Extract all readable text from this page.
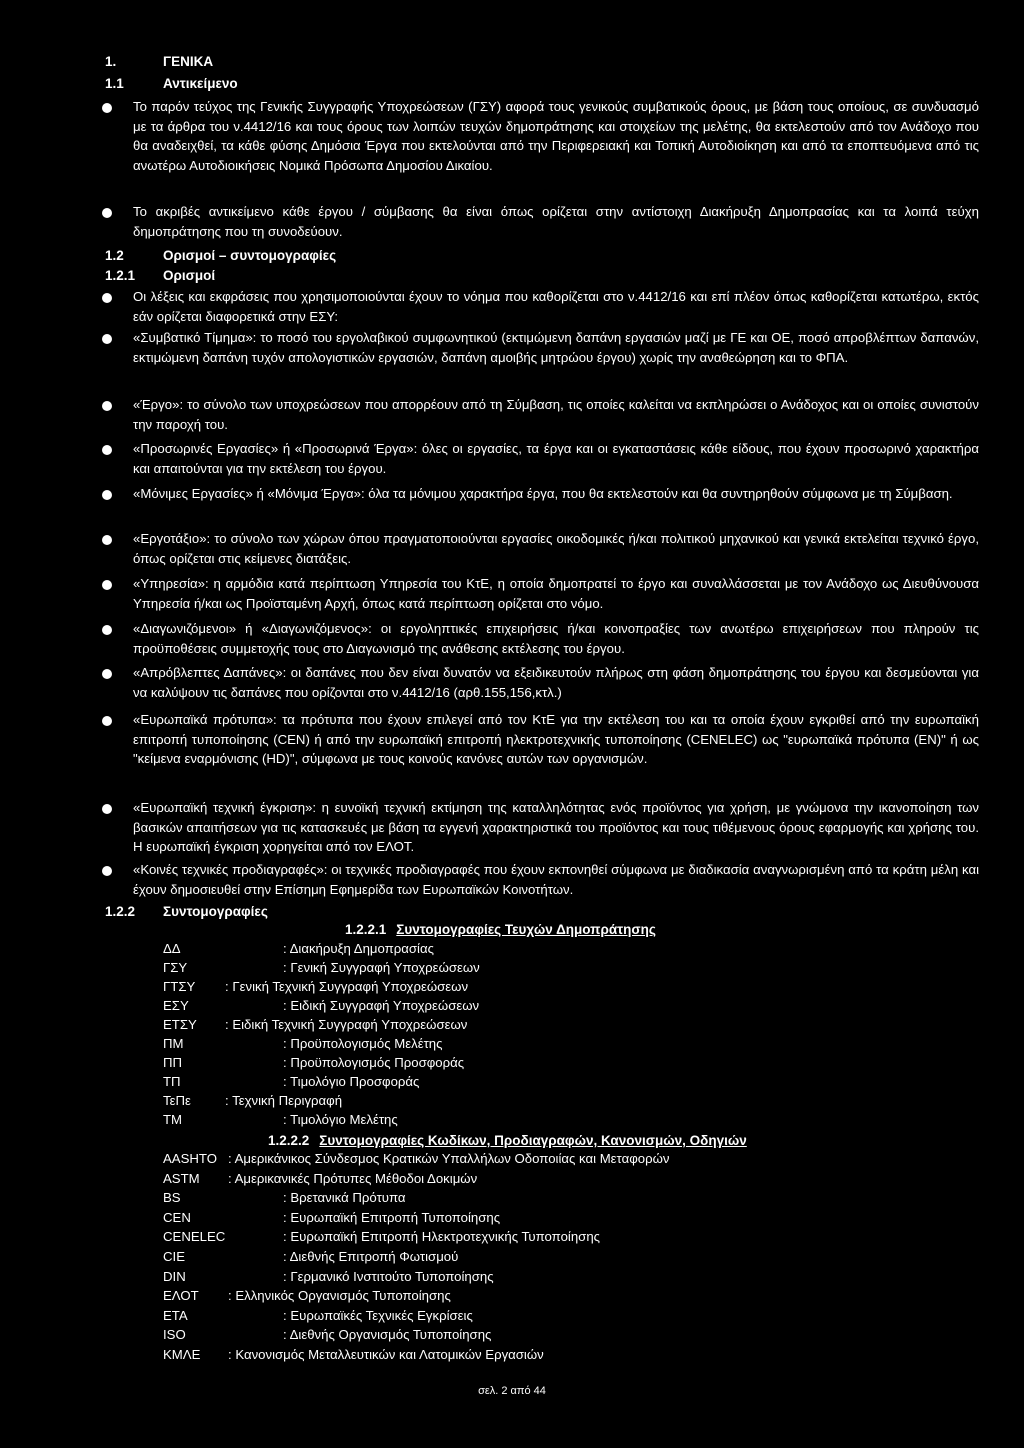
1.	ΓΕΝΙΚΑ
1.1	Αντικείμενο
Το παρόν τεύχος της Γενικής Συγγραφής Υποχρεώσεων (ΓΣΥ) αφορά τους γενικούς συμβατικούς όρους, με βάση τους οποίους, σε συνδυασμό με τα άρθρα του ν.4412/16 και τους όρους των λοιπών τευχών δημοπράτησης και στοιχείων της μελέτης, θα εκτελεστούν από τον Ανάδοχο που θα αναδειχθεί, τα κάθε φύσης Δημόσια Έργα που εκτελούνται από την Περιφερειακή και Τοπική Αυτοδιοίκηση και από τα εποπτευόμενα από τις ανωτέρω Αυτοδιοικήσεις Νομικά Πρόσωπα Δημοσίου Δικαίου.
Το ακριβές αντικείμενο κάθε έργου / σύμβασης θα είναι όπως ορίζεται στην αντίστοιχη Διακήρυξη Δημοπρασίας και τα λοιπά τεύχη δημοπράτησης που τη συνοδεύουν.
1.2	Ορισμοί – συντομογραφίες
1.2.1 Ορισμοί
Οι λέξεις και εκφράσεις που χρησιμοποιούνται έχουν το νόημα που καθορίζεται στο ν.4412/16 και επί πλέον όπως καθορίζεται κατωτέρω, εκτός εάν ορίζεται διαφορετικά στην ΕΣΥ:
«Συμβατικό Τίμημα»: το ποσό του εργολαβικού συμφωνητικού (εκτιμώμενη δαπάνη εργασιών μαζί με ΓΕ και ΟΕ, ποσό απροβλέπτων δαπανών, εκτιμώμενη δαπάνη τυχόν απολογιστικών εργασιών, δαπάνη αμοιβής μητρώου έργου) χωρίς την αναθεώρηση και το ΦΠΑ.
«Έργο»: το σύνολο των υποχρεώσεων που απορρέουν από τη Σύμβαση, τις οποίες καλείται να εκπληρώσει ο Ανάδοχος και οι οποίες συνιστούν την παροχή του.
«Προσωρινές Εργασίες» ή «Προσωρινά Έργα»: όλες οι εργασίες, τα έργα και οι εγκαταστάσεις κάθε είδους, που έχουν προσωρινό χαρακτήρα και απαιτούνται για την εκτέλεση του έργου.
«Μόνιμες Εργασίες» ή «Μόνιμα Έργα»: όλα τα μόνιμου χαρακτήρα έργα, που θα εκτελεστούν και θα συντηρηθούν σύμφωνα με τη Σύμβαση.
«Εργοτάξιο»: το σύνολο των χώρων όπου πραγματοποιούνται εργασίες οικοδομικές ή/και πολιτικού μηχανικού και γενικά εκτελείται τεχνικό έργο, όπως ορίζεται στις κείμενες διατάξεις.
«Υπηρεσία»: η αρμόδια κατά περίπτωση Υπηρεσία του ΚτΕ, η οποία δημοπρατεί το έργο και συναλλάσσεται με τον Ανάδοχο ως Διευθύνουσα Υπηρεσία ή/και ως Προϊσταμένη Αρχή, όπως κατά περίπτωση ορίζεται στο νόμο.
«Διαγωνιζόμενοι» ή «Διαγωνιζόμενος»: οι εργοληπτικές επιχειρήσεις ή/και κοινοπραξίες των ανωτέρω επιχειρήσεων που πληρούν τις προϋποθέσεις συμμετοχής τους στο Διαγωνισμό της ανάθεσης εκτέλεσης του έργου.
«Απρόβλεπτες Δαπάνες»: οι δαπάνες που δεν είναι δυνατόν να εξειδικευτούν πλήρως στη φάση δημοπράτησης του έργου και δεσμεύονται για να καλύψουν τις δαπάνες που ορίζονται στο ν.4412/16 (αρθ.155,156,κτλ.)
«Ευρωπαϊκά πρότυπα»: τα πρότυπα που έχουν επιλεγεί από τον ΚτΕ για την εκτέλεση του και τα οποία έχουν εγκριθεί από την ευρωπαϊκή επιτροπή τυποποίησης (CEN) ή από την ευρωπαϊκή επιτροπή ηλεκτροτεχνικής τυποποίησης (CENELEC) ως "ευρωπαϊκά πρότυπα (EN)" ή ως "κείμενα εναρμόνισης (HD)", σύμφωνα με τους κοινούς κανόνες αυτών των οργανισμών.
«Ευρωπαϊκή τεχνική έγκριση»: η ευνοϊκή τεχνική εκτίμηση της καταλληλότητας ενός προϊόντος για χρήση, με γνώμονα την ικανοποίηση των βασικών απαιτήσεων για τις κατασκευές με βάση τα εγγενή χαρακτηριστικά του προϊόντος και τους τιθέμενους όρους εφαρμογής και χρήσης του. Η ευρωπαϊκή έγκριση χορηγείται από τον ΕΛΟΤ.
«Κοινές τεχνικές προδιαγραφές»: οι τεχνικές προδιαγραφές που έχουν εκπονηθεί σύμφωνα με διαδικασία αναγνωρισμένη από τα κράτη μέλη και έχουν δημοσιευθεί στην Επίσημη Εφημερίδα των Ευρωπαϊκών Κοινοτήτων.
1.2.2 Συντομογραφίες
1.2.2.1 Συντομογραφίες Τευχών Δημοπράτησης
ΔΔ	: Διακήρυξη Δημοπρασίας
ΓΣΥ	: Γενική Συγγραφή Υποχρεώσεων
ΓΤΣΥ : Γενική Τεχνική Συγγραφή Υποχρεώσεων
ΕΣΥ	: Ειδική Συγγραφή Υποχρεώσεων
ΕΤΣΥ : Ειδική Τεχνική Συγγραφή Υποχρεώσεων
ΠΜ	: Προϋπολογισμός Μελέτης
ΠΠ	: Προϋπολογισμός Προσφοράς
ΤΠ	: Τιμολόγιο Προσφοράς
ΤεΠε	: Τεχνική Περιγραφή
ΤΜ	: Τιμολόγιο Μελέτης
1.2.2.2 Συντομογραφίες Κωδίκων, Προδιαγραφών, Κανονισμών, Οδηγιών
AASHTO : Αμερικάνικος Σύνδεσμος Κρατικών Υπαλλήλων Οδοποιίας και Μεταφορών
ASTM : Αμερικανικές Πρότυπες Μέθοδοι Δοκιμών
BS	: Βρετανικά Πρότυπα
CEN	: Ευρωπαϊκή Επιτροπή Τυποποίησης
CENELEC	: Ευρωπαϊκή Επιτροπή Ηλεκτροτεχνικής Τυποποίησης
CIE	: Διεθνής Επιτροπή Φωτισμού
DIN	: Γερμανικό Ινστιτούτο Τυποποίησης
ΕΛΟΤ : Ελληνικός Οργανισμός Τυποποίησης
ETA	: Ευρωπαϊκές Τεχνικές Εγκρίσεις
ISO	: Διεθνής Οργανισμός Τυποποίησης
ΚΜΛΕ : Κανονισμός Μεταλλευτικών και Λατομικών Εργασιών
σελ. 2 από 44
